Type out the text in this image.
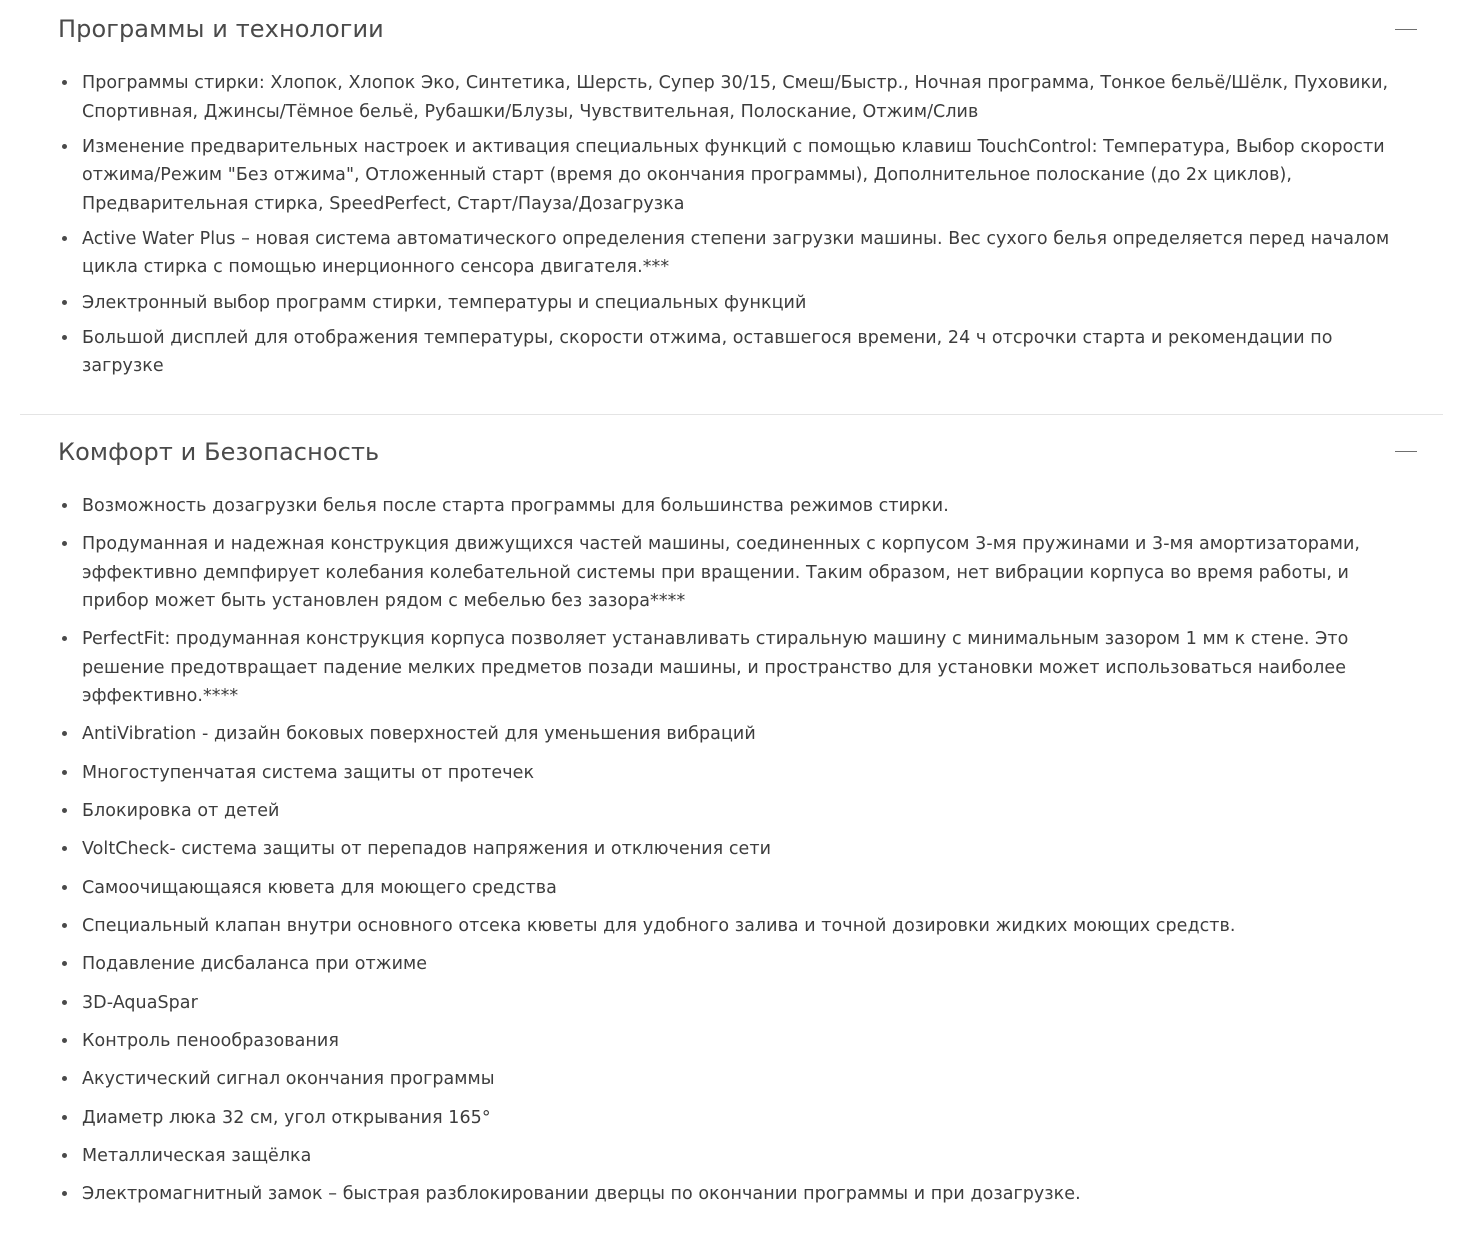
Программы и технологии
Программы стирки: Хлопок, Хлопок Эко, Синтетика, Шерсть, Супер 30/15, Смеш/Быстр., Ночная программа, Тонкое бельё/Шёлк, Пуховики, Спортивная, Джинсы/Тёмное бельё, Рубашки/Блузы, Чувствительная, Полоскание, Отжим/Слив
Изменение предварительных настроек и активация специальных функций с помощью клавиш TouchControl: Температура, Выбор скорости отжима/Режим "Без отжима", Отложенный старт (время до окончания программы), Дополнительное полоскание (до 2х циклов), Предварительная стирка, SpeedPerfect, Старт/Пауза/Дозагрузка
Active Water Plus – новая система автоматического определения степени загрузки машины. Вес сухого белья определяется перед началом цикла стирка с помощью инерционного сенсора двигателя.***
Электронный выбор программ стирки, температуры и специальных функций
Большой дисплей для отображения температуры, скорости отжима, оставшегося времени, 24 ч отсрочки старта и рекомендации по загрузке
Комфорт и Безопасность
Возможность дозагрузки белья после старта программы для большинства режимов стирки.
Продуманная и надежная конструкция движущихся частей машины, соединенных с корпусом 3-мя пружинами и 3-мя амортизаторами, эффективно демпфирует колебания колебательной системы при вращении. Таким образом, нет вибрации корпуса во время работы, и прибор может быть установлен рядом с мебелью без зазора****
PerfectFit: продуманная конструкция корпуса позволяет устанавливать стиральную машину с минимальным зазором 1 мм к стене. Это решение предотвращает падение мелких предметов позади машины, и пространство для установки может использоваться наиболее эффективно.****
AntiVibration - дизайн боковых поверхностей для уменьшения вибраций
Многоступенчатая система защиты от протечек
Блокировка от детей
VoltCheck- система защиты от перепадов напряжения и отключения сети
Самоочищающаяся кювета для моющего средства
Специальный клапан внутри основного отсека кюветы для удобного залива и точной дозировки жидких моющих средств.
Подавление дисбаланса при отжиме
3D-AquaSpar
Контроль пенообразования
Акустический сигнал окончания программы
Диаметр люка 32 см, угол открывания 165°
Металлическая защёлка
Электромагнитный замок – быстрая разблокировании дверцы по окончании программы и при дозагрузке.
